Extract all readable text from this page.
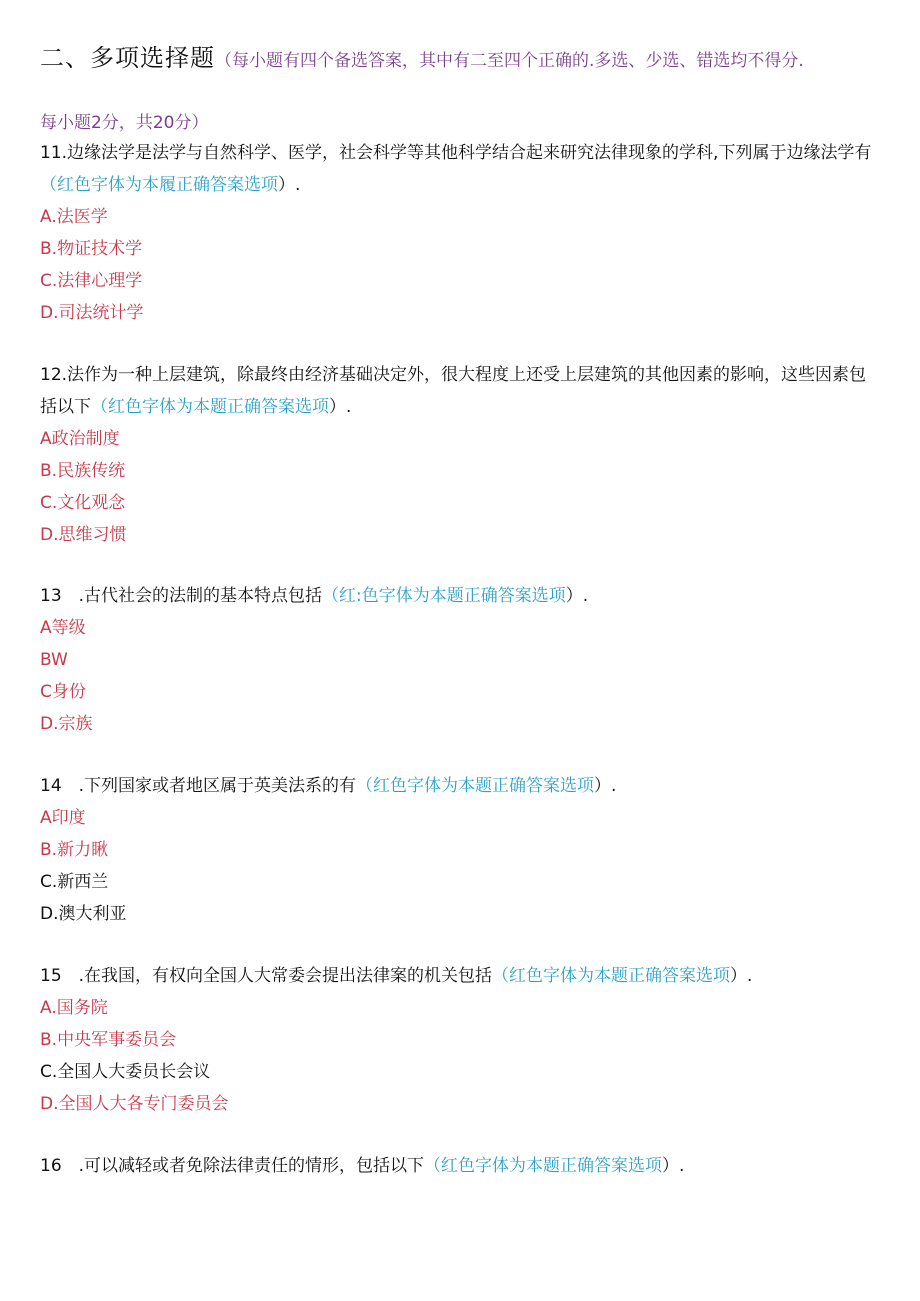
二、多项选择题（每小题有四个备选答案，其中有二至四个正确的.多选、少选、错选均不得分.
每小题2分，共20分）
11.边缘法学是法学与自然科学、医学，社会科学等其他科学结合起来研究法律现象的学科,下列属于边缘法学有（红色字体为本履正确答案选项）.
A.法医学
B.物证技术学
C.法律心理学
D.司法统计学
12.法作为一种上层建筑，除最终由经济基础决定外，很大程度上还受上层建筑的其他因素的影响，这些因素包括以下（红色字体为本题正确答案选项）.
A政治制度
B.民族传统
C.文化观念
D.思维习惯
13　.古代社会的法制的基本特点包括（红:色字体为本题正确答案选项）.
A等级
BW
C身份
D.宗族
14　.下列国家或者地区属于英美法系的有（红色字体为本题正确答案选项）.
A印度
B.新力瞅
C.新西兰
D.澳大利亚
15　.在我国，有权向全国人大常委会提出法律案的机关包括（红色字体为本题正确答案选项）.
A.国务院
B.中央军事委员会
C.全国人大委员长会议
D.全国人大各专门委员会
16　.可以减轻或者免除法律责任的情形，包括以下（红色字体为本题正确答案选项）.
